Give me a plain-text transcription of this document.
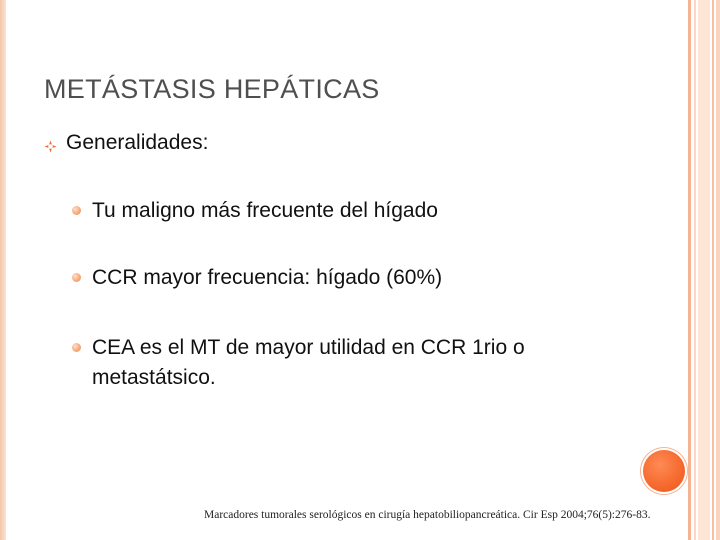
METÁSTASIS HEPÁTICAS
Generalidades:
Tu maligno más frecuente del hígado
CCR mayor frecuencia: hígado (60%)
CEA es el MT de mayor utilidad en CCR 1rio o metastátsico.
Marcadores tumorales serológicos en cirugía hepatobiliopancreática. Cir Esp 2004;76(5):276-83.
